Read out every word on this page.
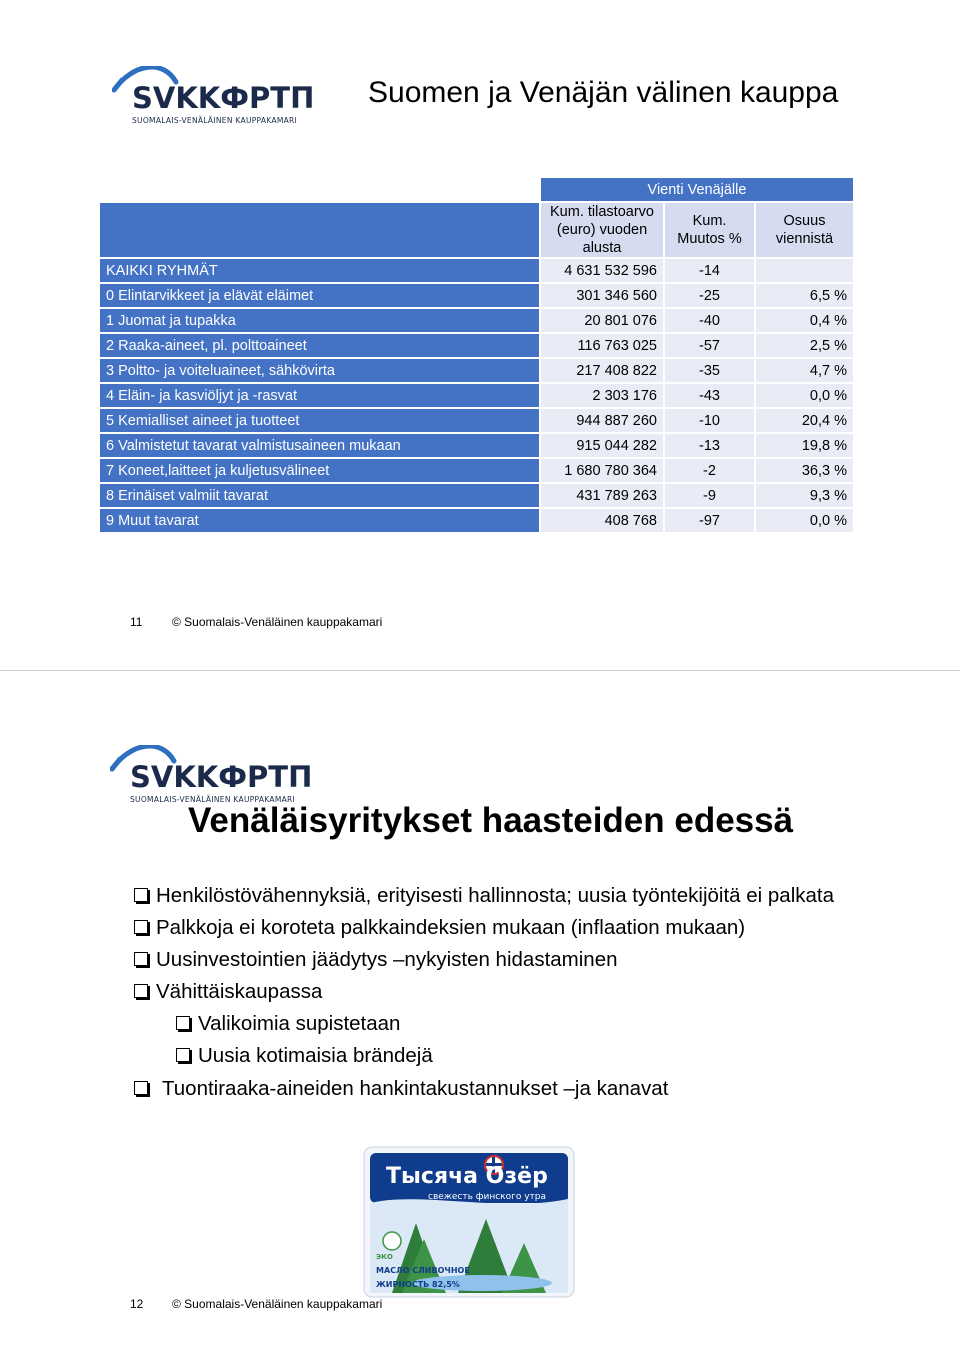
SVKKФРТП
SUOMALAIS-VENÄLÄINEN KAUPPAKAMARI
Suomen ja Venäjän välinen kauppa
	Vienti Venäjälle		
	Kum. tilastoarvo (euro) vuoden alusta	Kum. Muutos %	Osuus viennistä
KAIKKI RYHMÄT	4 631 532 596	-14	
0 Elintarvikkeet ja elävät eläimet	301 346 560	-25	6,5 %
1 Juomat ja tupakka	20 801 076	-40	0,4 %
2 Raaka-aineet, pl. polttoaineet	116 763 025	-57	2,5 %
3 Poltto- ja voiteluaineet, sähkövirta	217 408 822	-35	4,7 %
4 Eläin- ja kasviöljyt ja -rasvat	2 303 176	-43	0,0 %
5 Kemialliset aineet ja tuotteet	944 887 260	-10	20,4 %
6 Valmistetut tavarat valmistusaineen mukaan	915 044 282	-13	19,8 %
7 Koneet,laitteet ja kuljetusvälineet	1 680 780 364	-2	36,3 %
8 Erinäiset valmiit tavarat	431 789 263	-9	9,3 %
9 Muut tavarat	408 768	-97	0,0 %
11 © Suomalais-Venäläinen kauppakamari
SVKKФРТП
SUOMALAIS-VENÄLÄINEN KAUPPAKAMARI
Venäläisyritykset haasteiden edessä
Henkilöstövähennyksiä, erityisesti hallinnosta; uusia työntekijöitä ei palkata
Palkkoja ei koroteta palkkaindeksien mukaan (inflaation mukaan)
Uusinvestointien jäädytys –nykyisten hidastaminen
Vähittäiskaupassa
Valikoimia supistetaan
Uusia kotimaisia brändejä
Tuontiraaka-aineiden hankintakustannukset –ja kanavat
Тысяча Озёр
свежесть финского утра
ЭКО
МАСЛО СЛИВОЧНОЕ
ЖИРНОСТЬ 82,5%
12 © Suomalais-Venäläinen kauppakamari
